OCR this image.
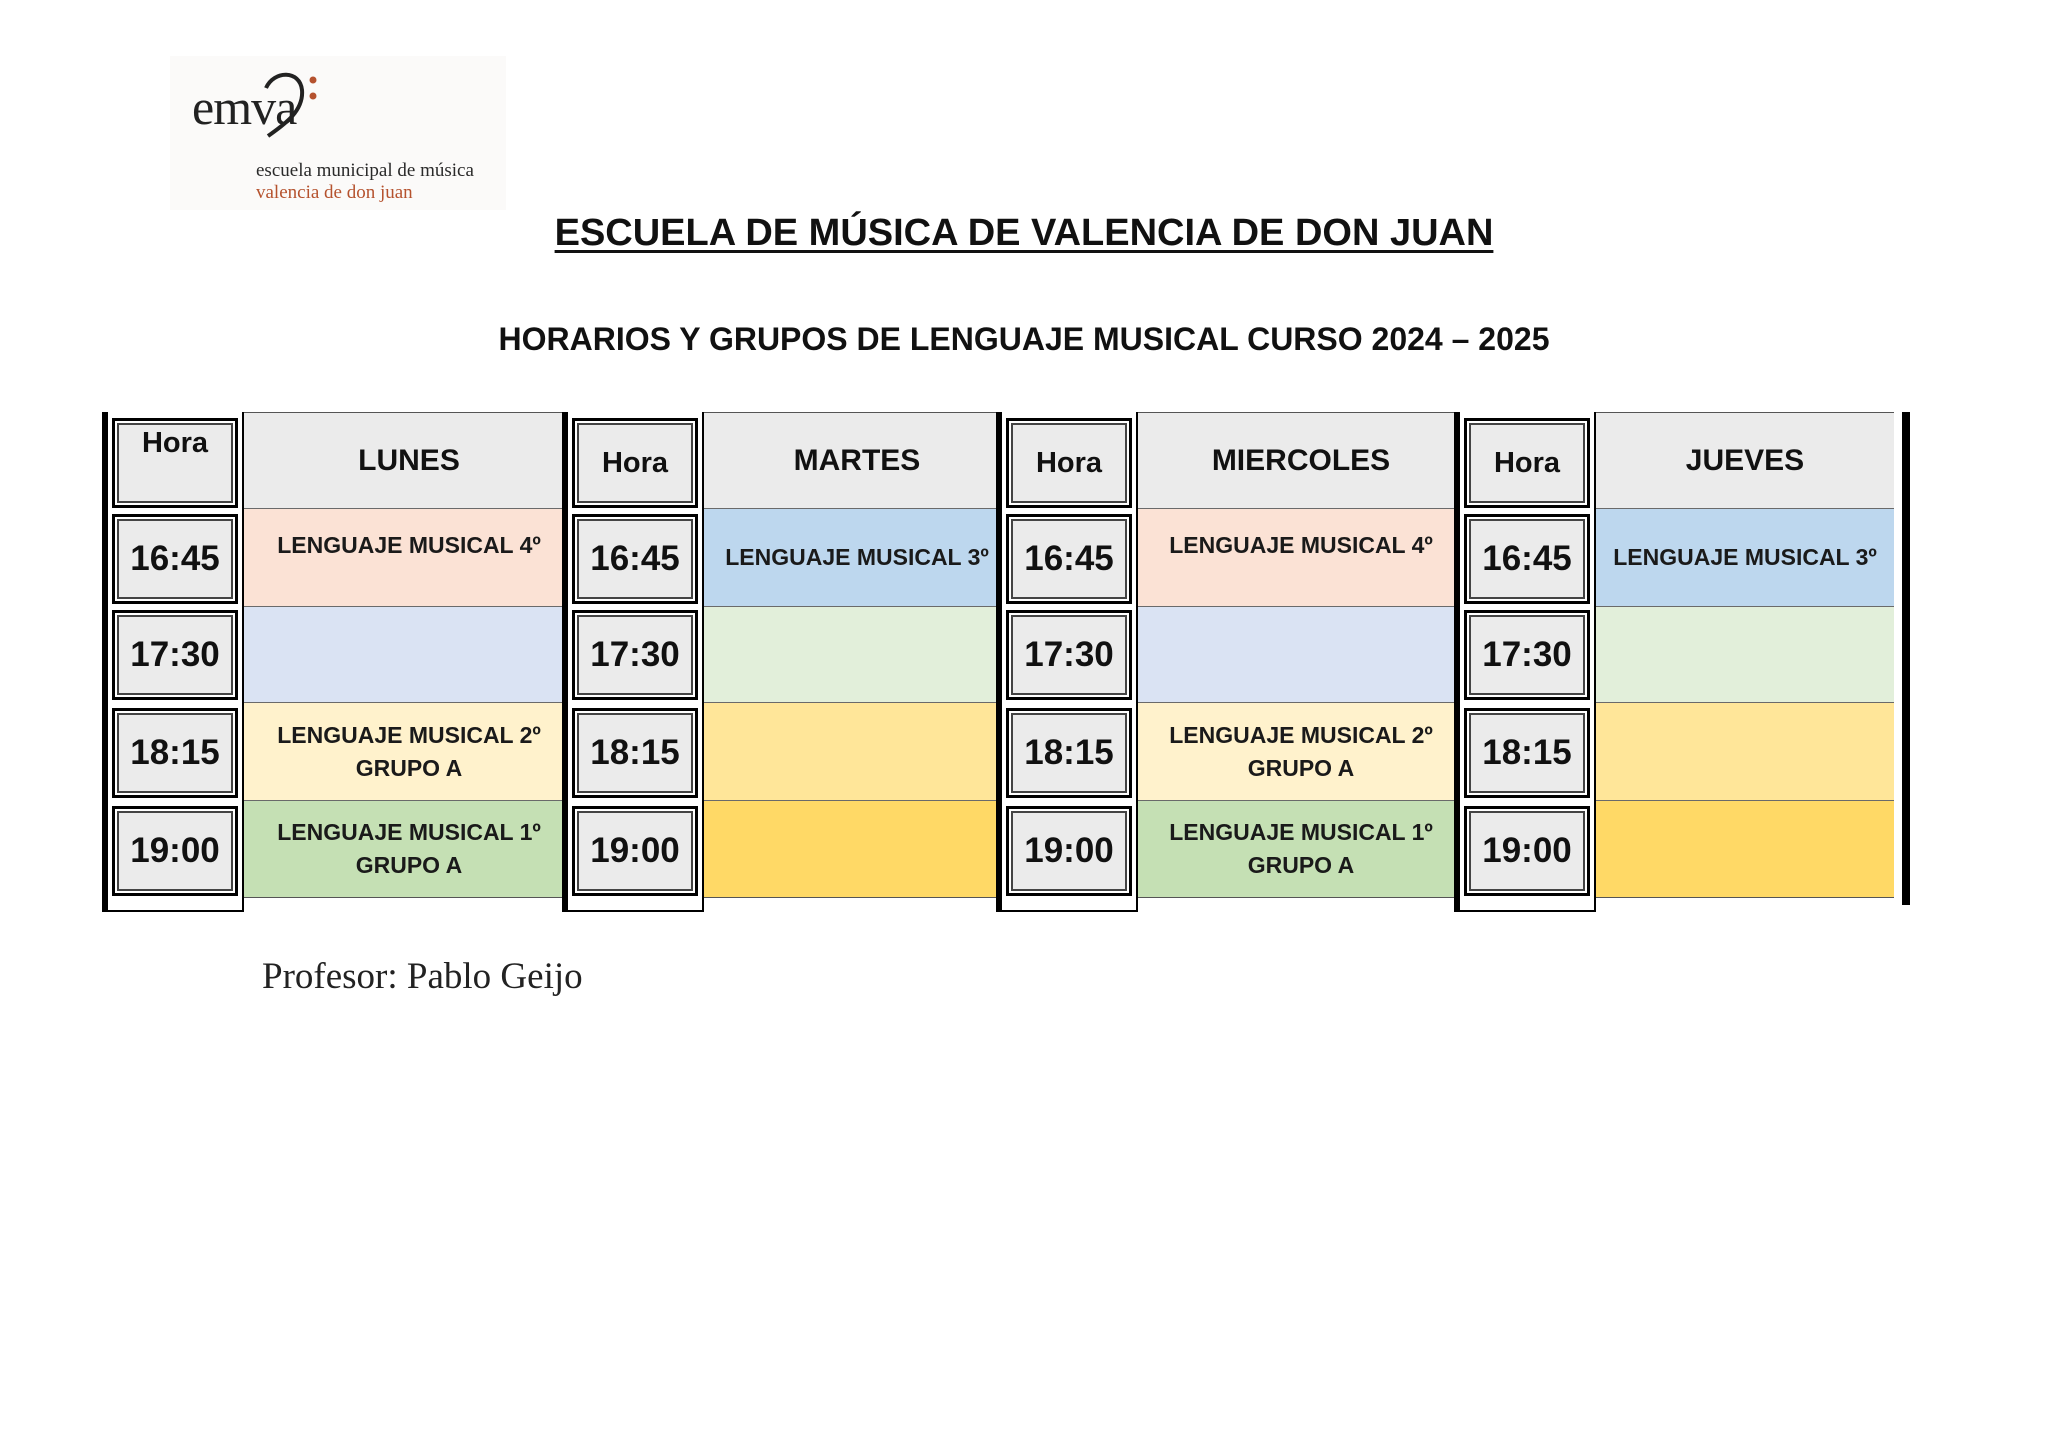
emva
escuela municipal de música
valencia de don juan
ESCUELA DE MÚSICA DE VALENCIA DE DON JUAN
HORARIOS Y GRUPOS DE LENGUAJE MUSICAL CURSO 2024 – 2025
Hora
16:45
17:30
18:15
19:00
LUNES
LENGUAJE MUSICAL 4º
LENGUAJE MUSICAL 2º
GRUPO A
LENGUAJE MUSICAL 1º
GRUPO A
Hora
16:45
17:30
18:15
19:00
MARTES
LENGUAJE MUSICAL 3º
Hora
16:45
17:30
18:15
19:00
MIERCOLES
LENGUAJE MUSICAL 4º
LENGUAJE MUSICAL 2º
GRUPO A
LENGUAJE MUSICAL 1º
GRUPO A
Hora
16:45
17:30
18:15
19:00
JUEVES
LENGUAJE MUSICAL 3º
Profesor: Pablo Geijo
